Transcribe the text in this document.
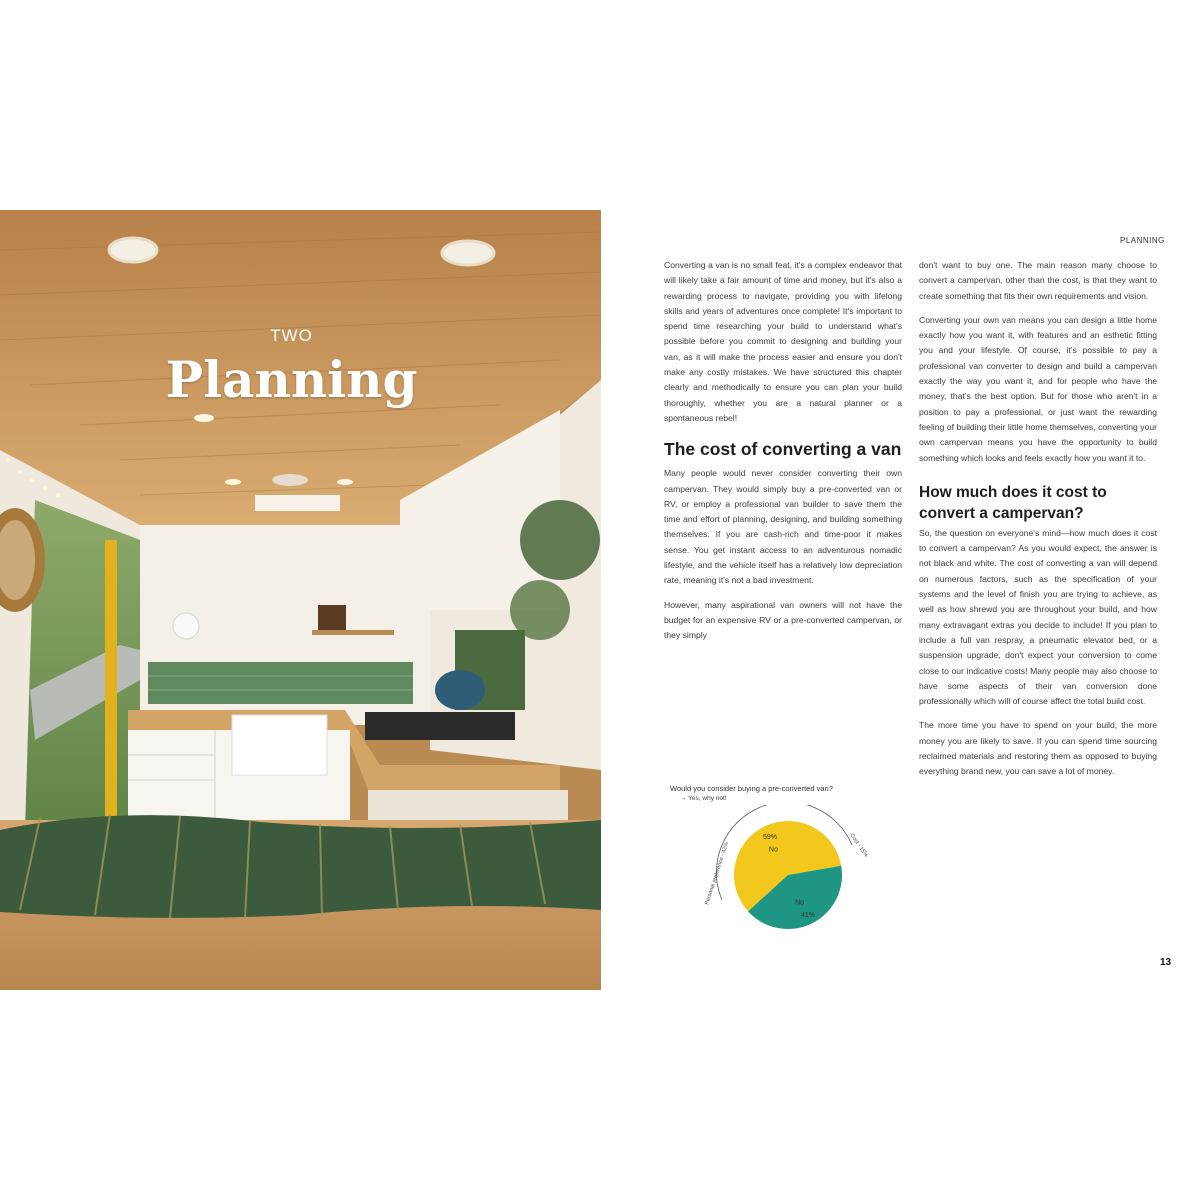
TWO
Planning
PLANNING

Converting a van is no small feat, it's a complex endeavor that will likely take a fair amount of time and money, but it's also a rewarding process to navigate, providing you with lifelong skills and years of adventures once complete! It's important to spend time researching your build to understand what's possible before you commit to designing and building your van, as it will make the process easier and ensure you don't make any costly mistakes. We have structured this chapter clearly and methodically to ensure you can plan your build thoroughly, whether you are a natural planner or a spontaneous rebel!

The cost of converting a van

Many people would never consider converting their own campervan. They would simply buy a pre-converted van or RV, or employ a professional van builder to save them the time and effort of planning, designing, and building something themselves. If you are cash-rich and time-poor it makes sense. You get instant access to an adventurous nomadic lifestyle, and the vehicle itself has a relatively low depreciation rate, meaning it's not a bad investment.

However, many aspirational van owners will not have the budget for an expensive RV or a pre-converted campervan, or they simply

don't want to buy one. The main reason many choose to convert a campervan, other than the cost, is that they want to create something that fits their own requirements and vision.

Converting your own van means you can design a little home exactly how you want it, with features and an esthetic fitting you and your lifestyle. Of course, it's possible to pay a professional van converter to design and build a campervan exactly the way you want it, and for people who have the money, that's the best option. But for those who aren't in a position to pay a professional, or just want the rewarding feeling of building their little home themselves, converting your own campervan means you have the opportunity to build something which looks and feels exactly how you want it to.

How much does it cost to convert a campervan?

So, the question on everyone's mind—how much does it cost to convert a campervan? As you would expect, the answer is not black and white. The cost of converting a van will depend on numerous factors, such as the specification of your systems and the level of finish you are trying to achieve, as well as how shrewd you are throughout your build, and how many extravagant extras you decide to include! If you plan to include a full van respray, a pneumatic elevator bed, or a suspension upgrade, don't expect your conversion to come close to our indicative costs! Many people may also choose to have some aspects of their van conversion done professionally which will of course affect the total build cost.

The more time you have to spend on your build, the more money you are likely to save. If you can spend time sourcing reclaimed materials and restoring them as opposed to buying everything brand new, you can save a lot of money.

Would you consider buying a pre-converted van?
→ Yes, why not!
Personal preference - 42%	Cost - 15%
No
59%
No
41%
13
